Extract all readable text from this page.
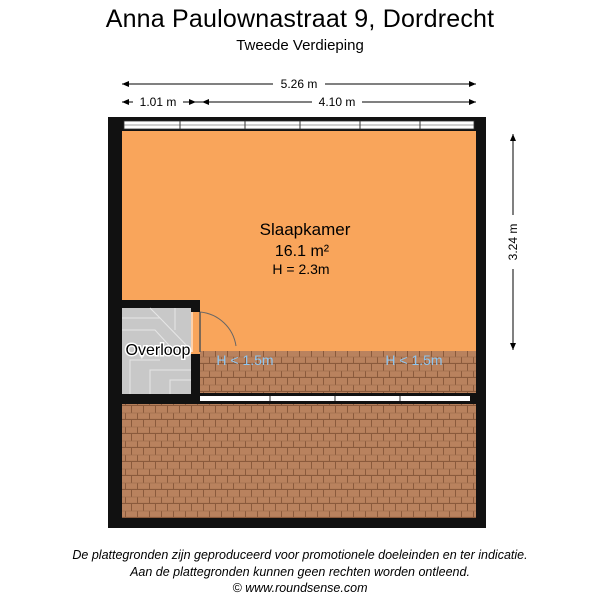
Anna Paulownastraat 9, Dordrecht
Tweede Verdieping
5.26 m
1.01 m	4.10 m
3.24 m
Slaapkamer
16.1 m²
H = 2.3m
Overloop
H < 1.5m	H < 1.5m
De plattegronden zijn geproduceerd voor promotionele doeleinden en ter indicatie.
Aan de plattegronden kunnen geen rechten worden ontleend.
© www.roundsense.com
